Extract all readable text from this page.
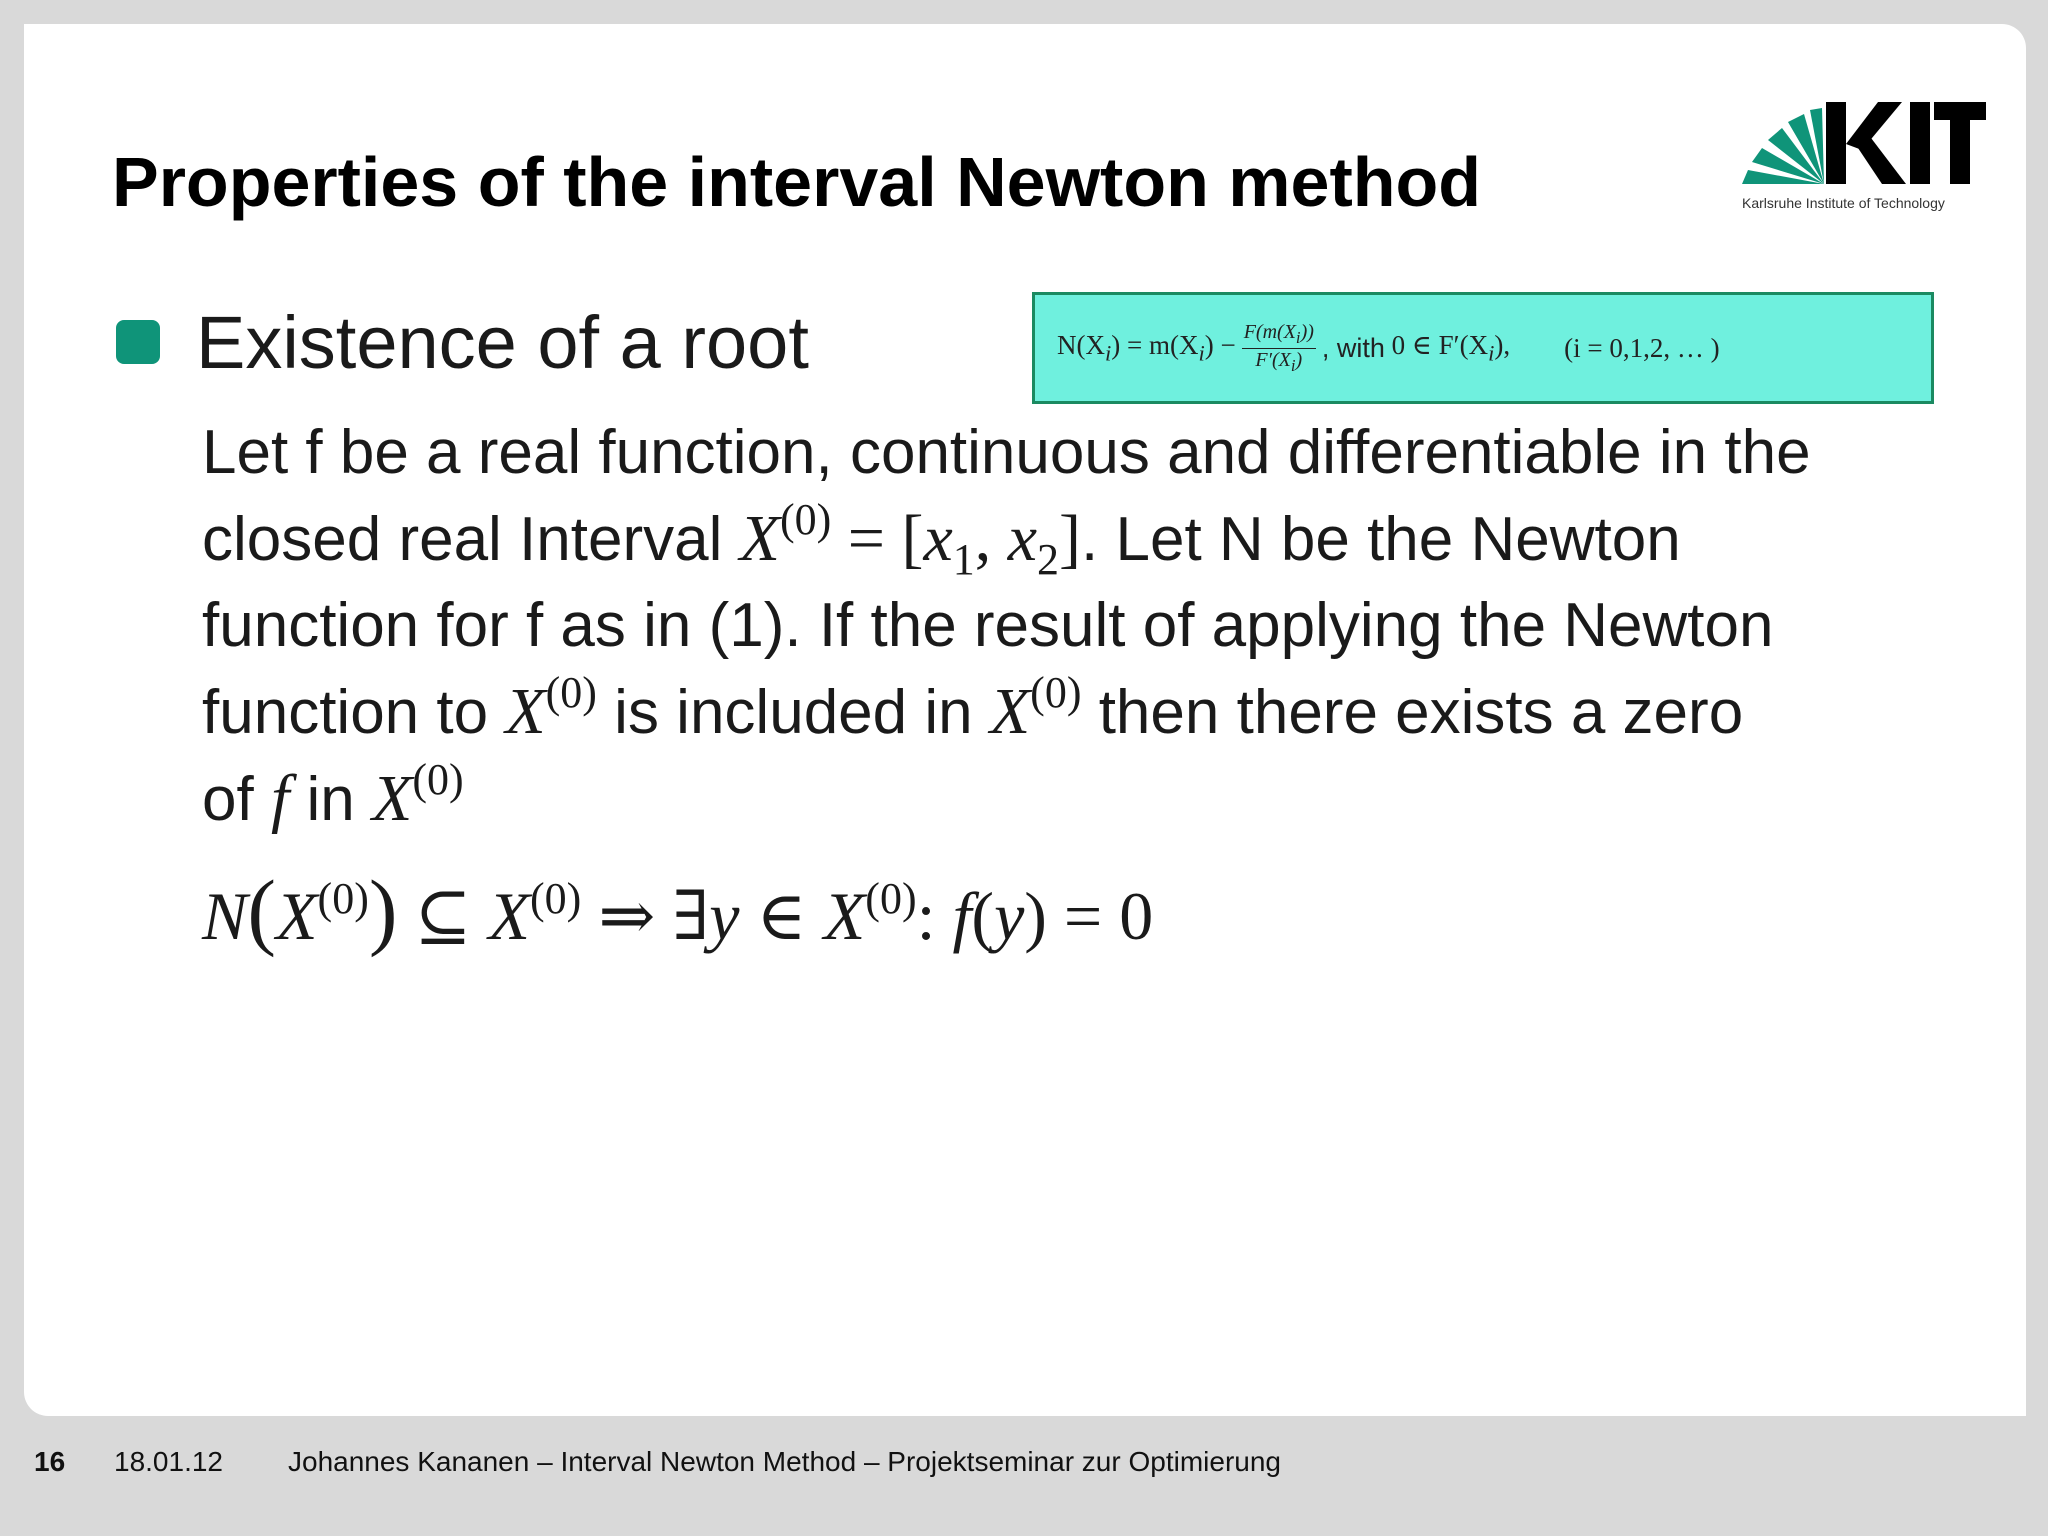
Properties of the interval Newton method	Karlsruhe Institute of Technology
Existence of a root	$N(X_i) = m(X$ $_i) - \frac{F(m(X_i))}{F'(X_i)}$ , with 0 ∈ $F'(X_i)$, (i = 0,1,2, … )
Let f be a real function, continuous and differentiable in the
closed real Interval $X^{(0)} = [x_1$, $x_2$]. Let N be the Newton
function for f as in (1). If the result of applying the Newton
function to $X^{(0)}$ is included in $X^{(0)}$ then there exists a zero
of f in $X^{(0)}$
$N(X^{(0)})$ ⊆ $X^{(0)}$ ⇒ ∃y ∈ $X^{(0)}$: f(y) = 0
16 18.01.12 Johannes Kananen – Interval Newton Method – Projektseminar zur Optimierung
